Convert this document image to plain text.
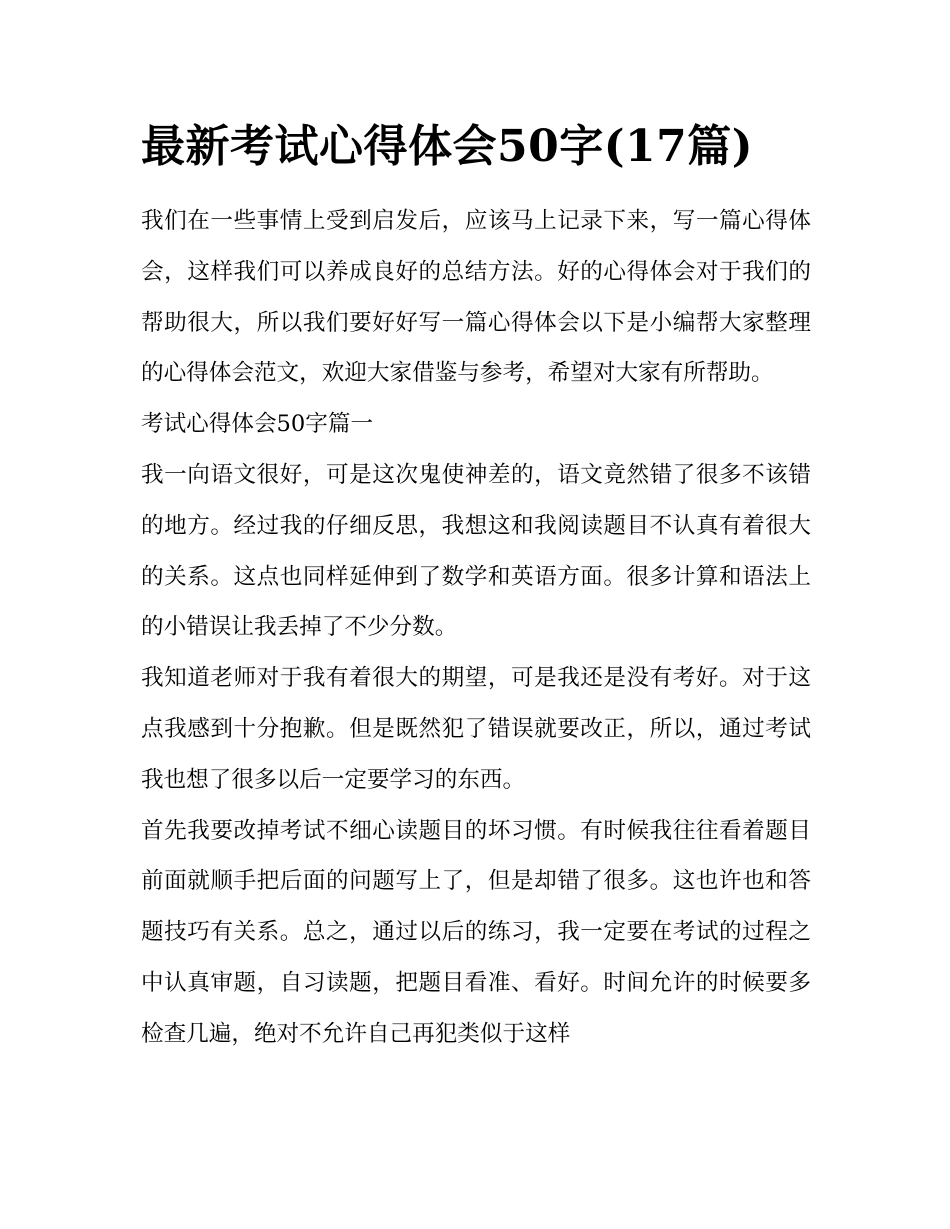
最新考试心得体会50字(17篇)

我们在一些事情上受到启发后，应该马上记录下来，写一篇心得体会，这样我们可以养成良好的总结方法。好的心得体会对于我们的帮助很大，所以我们要好好写一篇心得体会以下是小编帮大家整理的心得体会范文，欢迎大家借鉴与参考，希望对大家有所帮助。

考试心得体会50字篇一

我一向语文很好，可是这次鬼使神差的，语文竟然错了很多不该错的地方。经过我的仔细反思，我想这和我阅读题目不认真有着很大的关系。这点也同样延伸到了数学和英语方面。很多计算和语法上的小错误让我丢掉了不少分数。

我知道老师对于我有着很大的期望，可是我还是没有考好。对于这点我感到十分抱歉。但是既然犯了错误就要改正，所以，通过考试我也想了很多以后一定要学习的东西。

首先我要改掉考试不细心读题目的坏习惯。有时候我往往看着题目前面就顺手把后面的问题写上了，但是却错了很多。这也许也和答题技巧有关系。总之，通过以后的练习，我一定要在考试的过程之中认真审题，自习读题，把题目看准、看好。时间允许的时候要多检查几遍，绝对不允许自己再犯类似于这样
